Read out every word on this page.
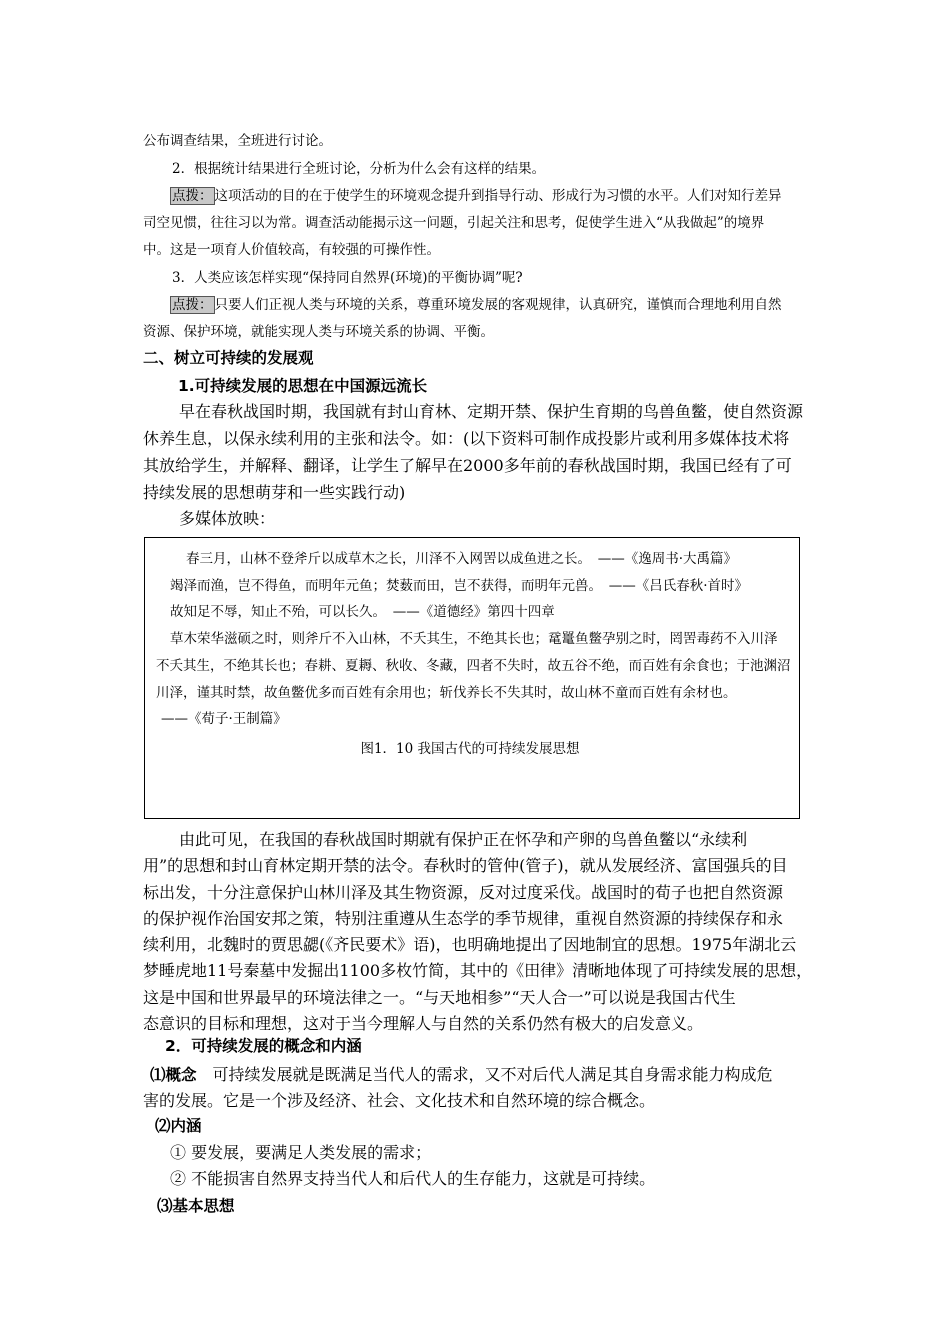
公布调查结果，全班进行讨论。
2．根据统计结果进行全班讨论，分析为什么会有这样的结果。
点拨： 这项活动的目的在于使学生的环境观念提升到指导行动、形成行为习惯的水平。人们对知行差异
司空见惯，往往习以为常。调查活动能揭示这一问题，引起关注和思考，促使学生进入“从我做起”的境界
中。这是一项育人价值较高，有较强的可操作性。
3．人类应该怎样实现“保持同自然界(环境)的平衡协调”呢?
点拨： 只要人们正视人类与环境的关系，尊重环境发展的客观规律，认真研究，谨慎而合理地利用自然
资源、保护环境，就能实现人类与环境关系的协调、平衡。
二、树立可持续的发展观
1.可持续发展的思想在中国源远流长
早在春秋战国时期，我国就有封山育林、定期开禁、保护生育期的鸟兽鱼鳖，使自然资源
休养生息，以保永续利用的主张和法令。如：(以下资料可制作成投影片或利用多媒体技术将
其放给学生，并解释、翻译，让学生了解早在2000多年前的春秋战国时期，我国已经有了可
持续发展的思想萌芽和一些实践行动)
多媒体放映：
春三月，山林不登斧斤以成草木之长，川泽不入网罟以成鱼进之长。　——《逸周书·大禹篇》
竭泽而渔，岂不得鱼，而明年元鱼；焚薮而田，岂不获得，而明年元兽。　——《吕氏春秋·首时》
故知足不辱，知止不殆，可以长久。　——《道德经》第四十四章
草木荣华滋硕之时，则斧斤不入山林，不夭其生，不绝其长也；鼋鼍鱼鳖孕别之时，罔罟毒药不入川泽
不夭其生，不绝其长也；春耕、夏耨、秋收、冬藏，四者不失时，故五谷不绝，而百姓有余食也；于池渊沼
川泽，谨其时禁，故鱼鳖优多而百姓有余用也；斩伐养长不失其时，故山林不童而百姓有余材也。
——《荀子·王制篇》
图1．10 我国古代的可持续发展思想
由此可见，在我国的春秋战国时期就有保护正在怀孕和产卵的鸟兽鱼鳖以“永续利
用”的思想和封山育林定期开禁的法令。春秋时的管仲(管子)，就从发展经济、富国强兵的目
标出发，十分注意保护山林川泽及其生物资源，反对过度采伐。战国时的荀子也把自然资源
的保护视作治国安邦之策，特别注重遵从生态学的季节规律，重视自然资源的持续保存和永
续利用，北魏时的贾思勰(《齐民要术》语)，也明确地提出了因地制宜的思想。1975年湖北云
梦睡虎地11号秦墓中发掘出1100多枚竹简，其中的《田律》清晰地体现了可持续发展的思想，
这是中国和世界最早的环境法律之一。“与天地相参”“天人合一”可以说是我国古代生
态意识的目标和理想，这对于当今理解人与自然的关系仍然有极大的启发意义。
2．可持续发展的概念和内涵
⑴概念 可持续发展就是既满足当代人的需求，又不对后代人满足其自身需求能力构成危
害的发展。它是一个涉及经济、社会、文化技术和自然环境的综合概念。
⑵内涵
① 要发展，要满足人类发展的需求；
② 不能损害自然界支持当代人和后代人的生存能力，这就是可持续。
⑶基本思想
